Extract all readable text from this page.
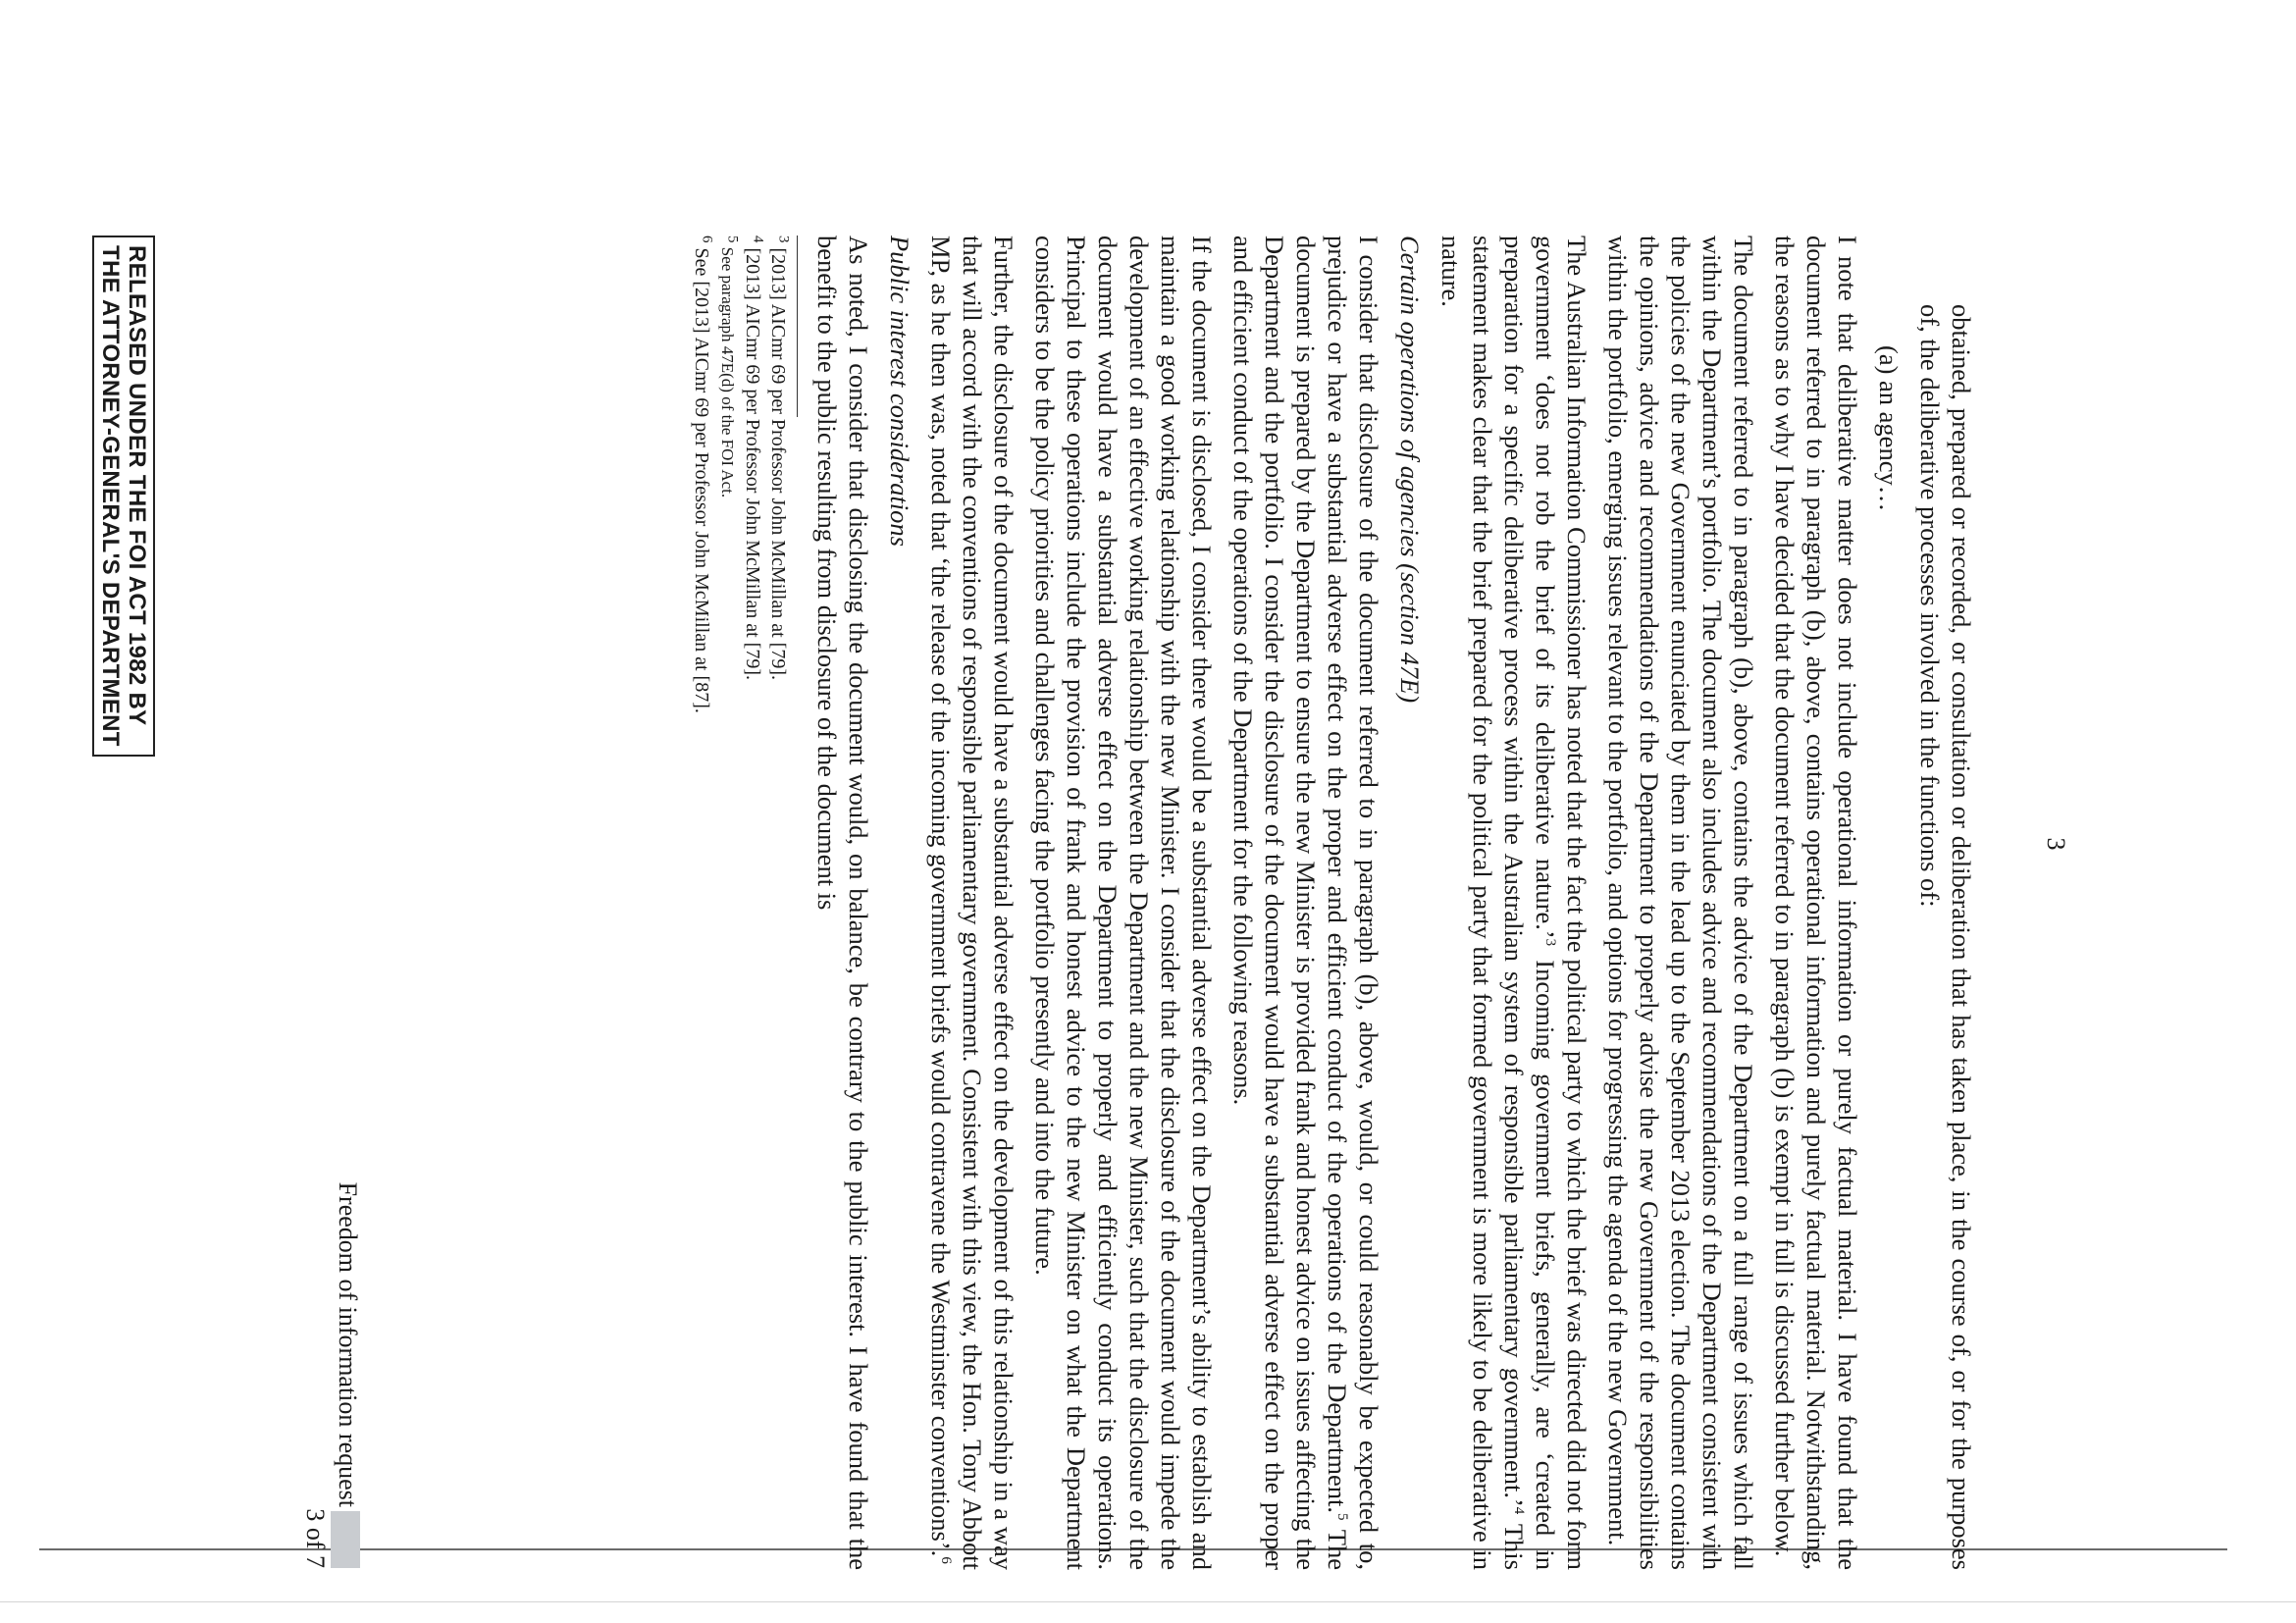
3

obtained, prepared or recorded, or consultation or deliberation that has taken place, in the course of, or for the purposes of, the deliberative processes involved in the functions of:

(a) an agency…

I note that deliberative matter does not include operational information or purely factual material. I have found that the document referred to in paragraph (b), above, contains operational information and purely factual material. Notwithstanding, the reasons as to why I have decided that the document referred to in paragraph (b) is exempt in full is discussed further below.

The document referred to in paragraph (b), above, contains the advice of the Department on a full range of issues which fall within the Department’s portfolio. The document also includes advice and recommendations of the Department consistent with the policies of the new Government enunciated by them in the lead up to the September 2013 election. The document contains the opinions, advice and recommendations of the Department to properly advise the new Government of the responsibilities within the portfolio, emerging issues relevant to the portfolio, and options for progressing the agenda of the new Government.

The Australian Information Commissioner has noted that the fact the political party to which the brief was directed did not form government ‘does not rob the brief of its deliberative nature.’$^3$ Incoming government briefs, generally, are ‘created in preparation for a specific deliberative process within the Australian system of responsible parliamentary government.’$^4$ This statement makes clear that the brief prepared for the political party that formed government is more likely to be deliberative in nature.

Certain operations of agencies (section 47E)

I consider that disclosure of the document referred to in paragraph (b), above, would, or could reasonably be expected to, prejudice or have a substantial adverse effect on the proper and efficient conduct of the operations of the Department.$^5$ The document is prepared by the Department to ensure the new Minister is provided frank and honest advice on issues affecting the Department and the portfolio. I consider the disclosure of the document would have a substantial adverse effect on the proper and efficient conduct of the operations of the Department for the following reasons.

If the document is disclosed, I consider there would be a substantial adverse effect on the Department’s ability to establish and maintain a good working relationship with the new Minister. I consider that the disclosure of the document would impede the development of an effective working relationship between the Department and the new Minister, such that the disclosure of the document would have a substantial adverse effect on the Department to properly and efficiently conduct its operations. Principal to these operations include the provision of frank and honest advice to the new Minister on what the Department considers to be the policy priorities and challenges facing the portfolio presently and into the future.

Further, the disclosure of the document would have a substantial adverse effect on the development of this relationship in a way that will accord with the conventions of responsible parliamentary government. Consistent with this view, the Hon. Tony Abbott MP, as he then was, noted that ‘the release of the incoming government briefs would contravene the Westminster conventions’.$^6$

Public interest considerations

As noted, I consider that disclosing the document would, on balance, be contrary to the public interest. I have found that the benefit to the public resulting from disclosure of the document is

$^3$ [2013] AICmr 69 per Professor John McMillan at [79].
$^4$ [2013] AICmr 69 per Professor John McMillan at [79].
$^5$ See paragraph 47E(d) of the FOI Act.
$^6$ See [2013] AICmr 69 per Professor John McMillan at [87].
Freedom of information request
3 of 7
RELEASED UNDER THE FOI ACT 1982 BY
THE ATTORNEY-GENERAL'S DEPARTMENT
